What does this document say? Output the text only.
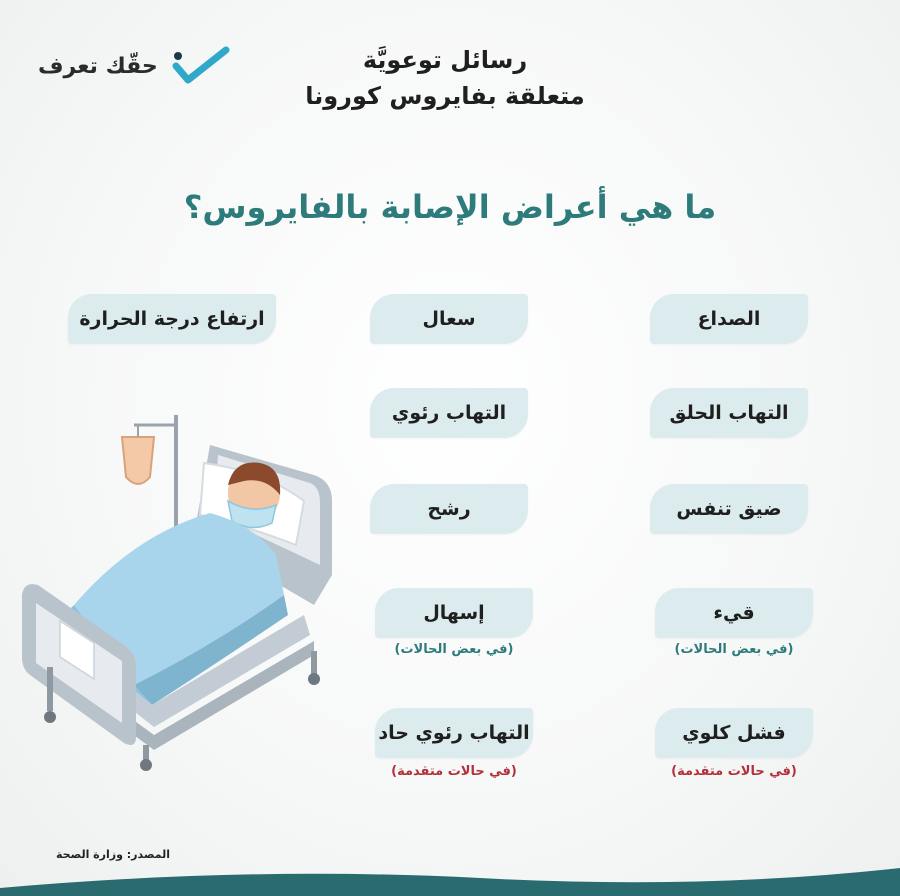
حقّك تعرف	رسائل توعويَّة
متعلقة بفايروس كورونا
ما هي أعراض الإصابة بالفايروس؟
الصداع
سعال
ارتفاع درجة الحرارة
التهاب الحلق
التهاب رئوي
ضيق تنفس
رشح
قيء
(في بعض الحالات)
إسهال
(في بعض الحالات)
فشل كلوي
(في حالات متقدمة)
التهاب رئوي حاد
(في حالات متقدمة)
المصدر: وزارة الصحة
